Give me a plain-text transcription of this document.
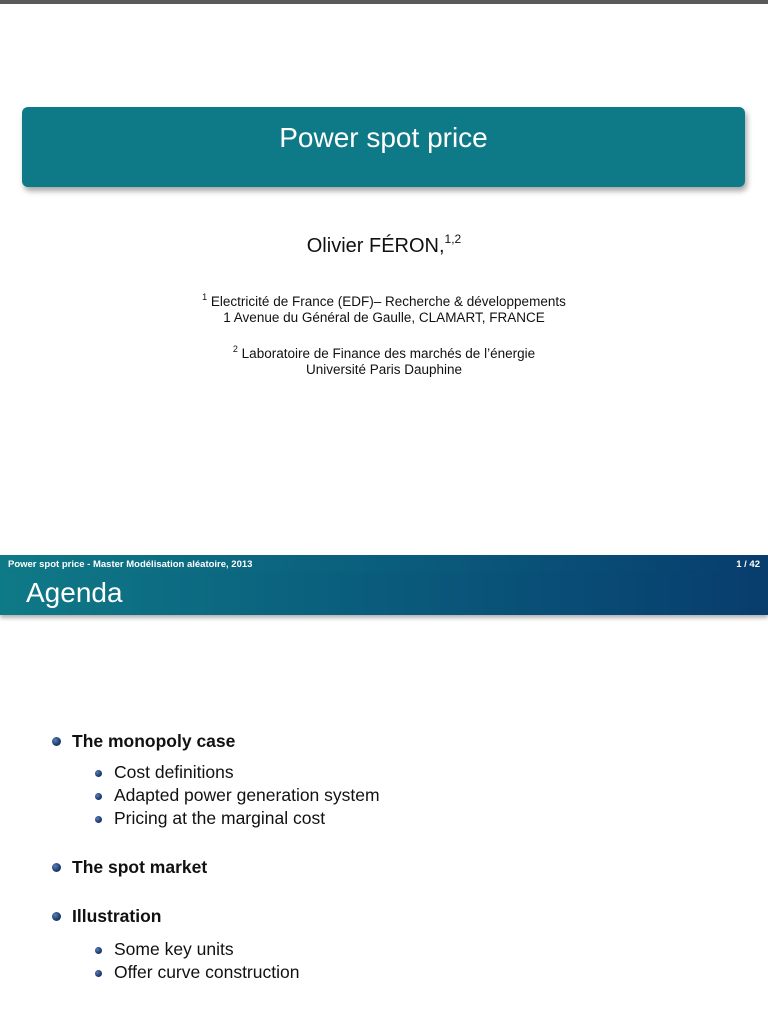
Power spot price
Olivier FÉRON,$^{1,2}$
$^1$ Electricité de France (EDF)– Recherche & développements
1 Avenue du Général de Gaulle, CLAMART, FRANCE
$^2$ Laboratoire de Finance des marchés de l’énergie
Université Paris Dauphine
Power spot price - Master Modélisation aléatoire, 2013	1 / 42
Agenda
The monopoly case
Cost definitions
Adapted power generation system
Pricing at the marginal cost
The spot market
Illustration
Some key units
Offer curve construction
